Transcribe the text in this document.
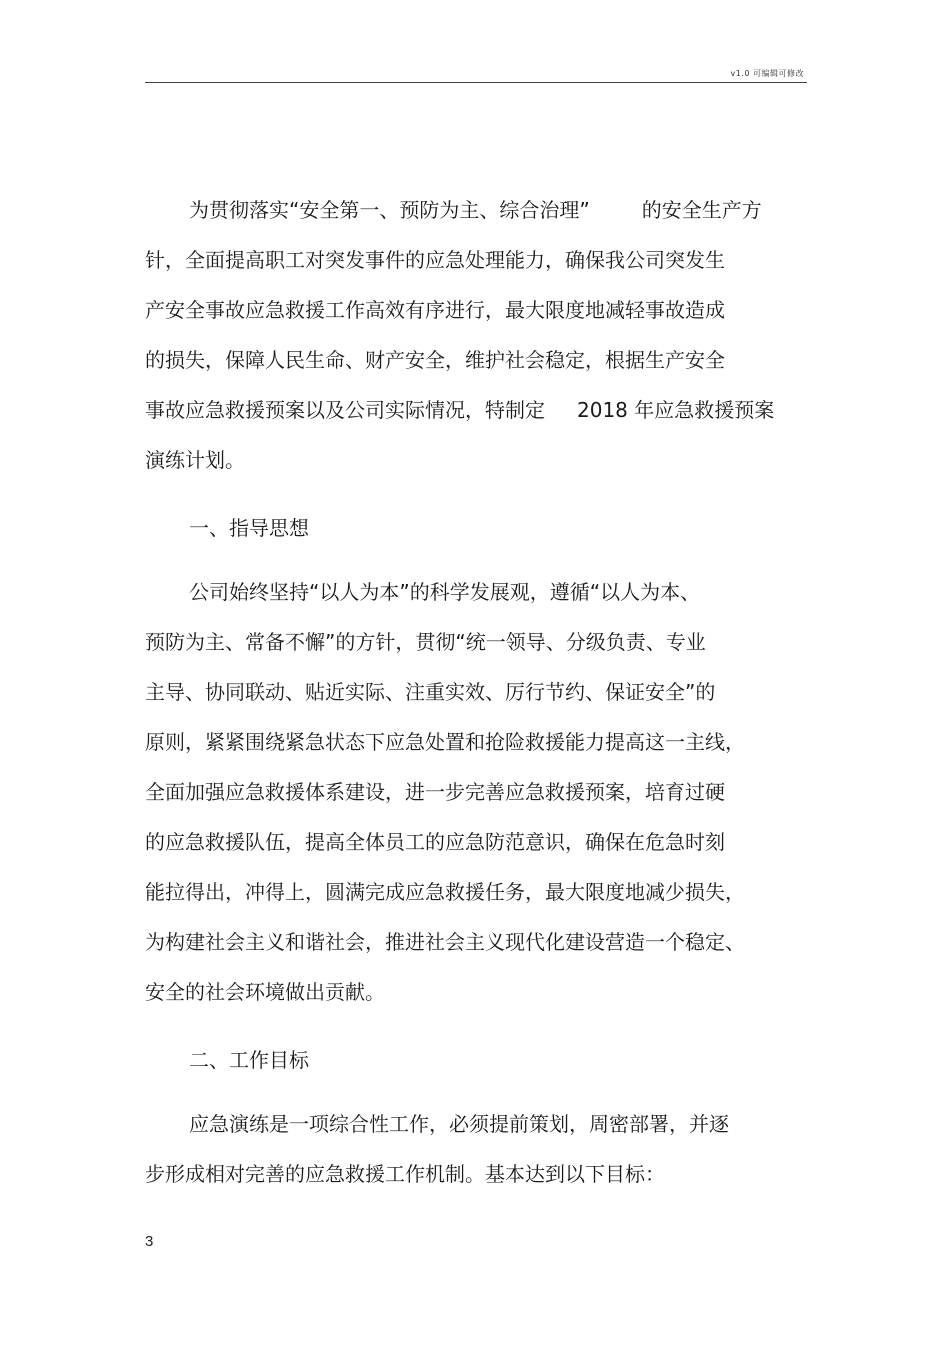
v1.0 可编辑可修改
为贯彻落实“安全第一、预防为主、综合治理”	的安全生产方
针，全面提高职工对突发事件的应急处理能力，确保我公司突发生
产安全事故应急救援工作高效有序进行，最大限度地减轻事故造成
的损失，保障人民生命、财产安全，维护社会稳定，根据生产安全
事故应急救援预案以及公司实际情况，特制定 2018 年应急救援预案
演练计划。
一、指导思想
公司始终坚持“以人为本”的科学发展观，遵循“以人为本、
预防为主、常备不懈”的方针，贯彻“统一领导、分级负责、专业
主导、协同联动、贴近实际、注重实效、厉行节约、保证安全”的
原则，紧紧围绕紧急状态下应急处置和抢险救援能力提高这一主线，
全面加强应急救援体系建设，进一步完善应急救援预案，培育过硬
的应急救援队伍，提高全体员工的应急防范意识，确保在危急时刻
能拉得出，冲得上，圆满完成应急救援任务，最大限度地减少损失，
为构建社会主义和谐社会，推进社会主义现代化建设营造一个稳定、
安全的社会环境做出贡献。
二、工作目标
应急演练是一项综合性工作，必须提前策划，周密部署，并逐
步形成相对完善的应急救援工作机制。基本达到以下目标：
3
